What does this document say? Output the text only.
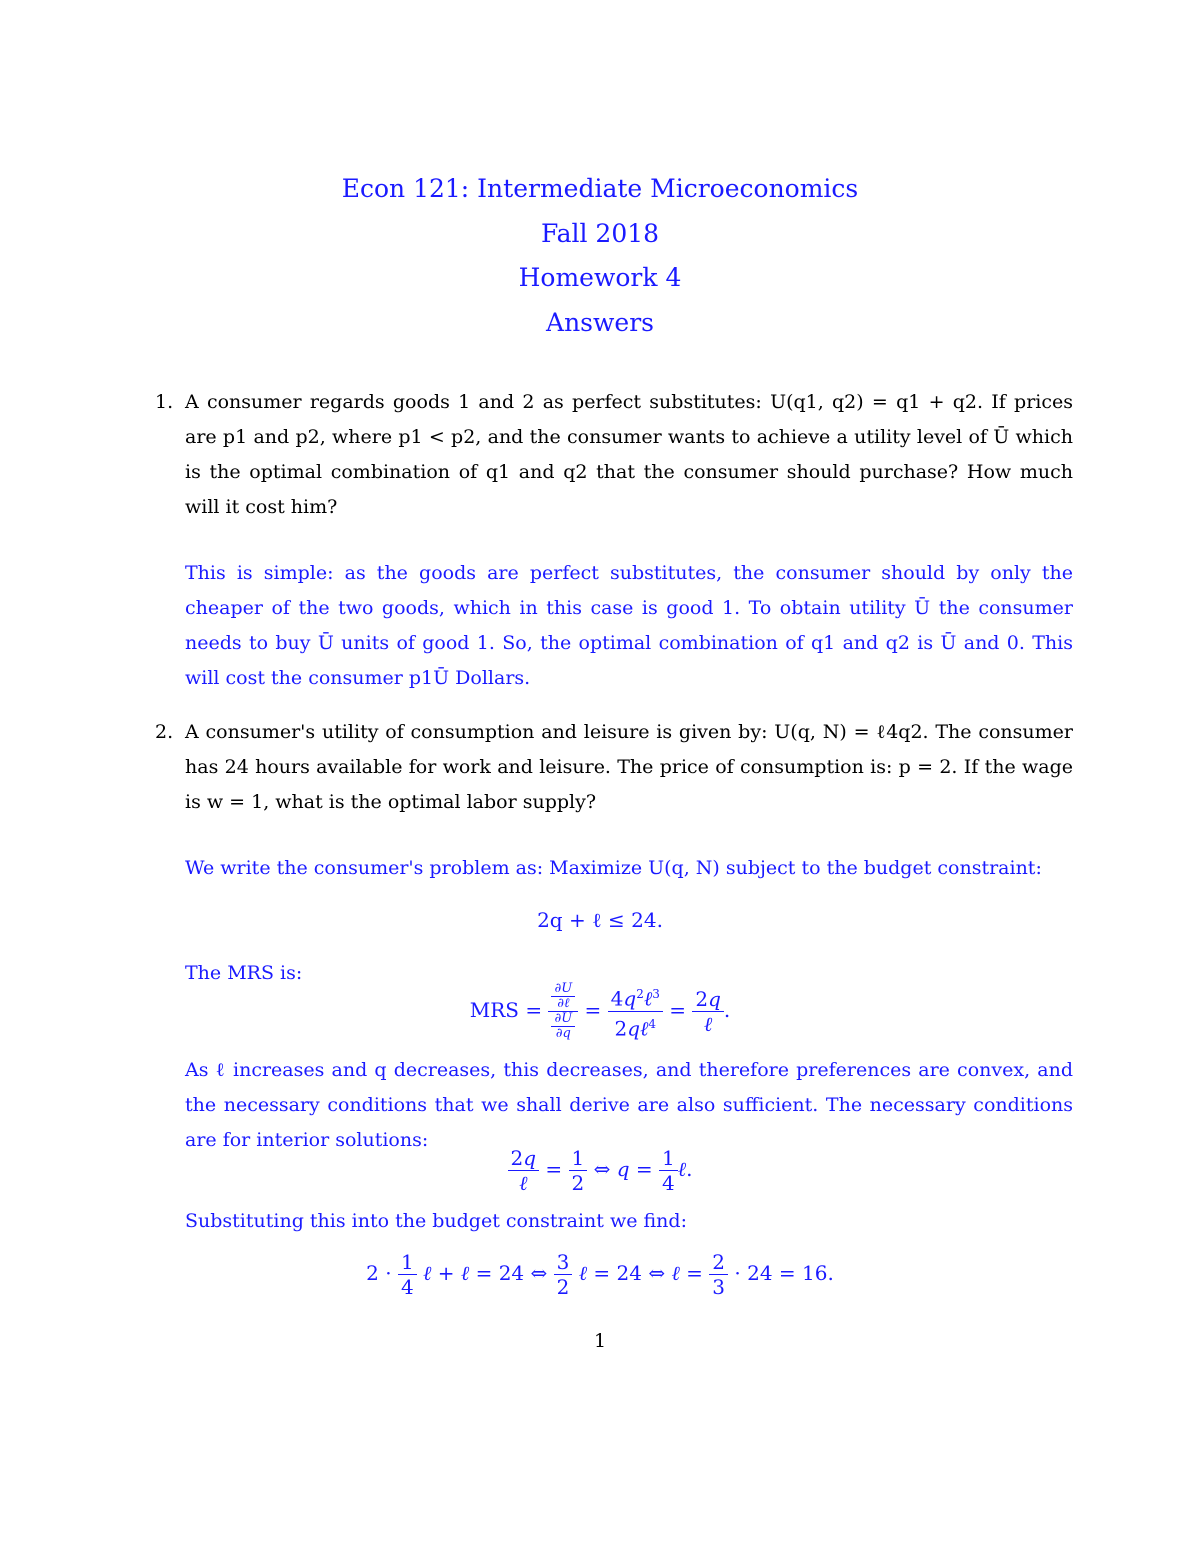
Econ 121: Intermediate Microeconomics
Fall 2018
Homework 4
Answers
1. A consumer regards goods 1 and 2 as perfect substitutes: U(q1, q2) = q1 + q2. If prices are p1 and p2, where p1 < p2, and the consumer wants to achieve a utility level of Ū which is the optimal combination of q1 and q2 that the consumer should purchase? How much will it cost him?
This is simple: as the goods are perfect substitutes, the consumer should by only the cheaper of the two goods, which in this case is good 1. To obtain utility Ū the consumer needs to buy Ū units of good 1. So, the optimal combination of q1 and q2 is Ū and 0. This will cost the consumer p1Ū Dollars.
2. A consumer's utility of consumption and leisure is given by: U(q, N) = ℓ4q2. The consumer has 24 hours available for work and leisure. The price of consumption is: p = 2. If the wage is w = 1, what is the optimal labor supply?
We write the consumer's problem as: Maximize U(q, N) subject to the budget constraint:
2q + ℓ ≤ 24.
The MRS is:
MRS = $\frac{\frac{\partial U}{\text{∂ℓ}}}{\frac{\partial U}{\partial q}} = \frac{4q^2\ell^3}{2q\ell^4} = \frac{2q}{\text{ℓ}}$ .
As ℓ increases and q decreases, this decreases, and therefore preferences are convex, and the necessary conditions that we shall derive are also sufficient. The necessary conditions are for interior solutions:
$\frac{2q}{\text{ℓ}} = \frac{1}{2}$ ⇔ $q = \frac{1}{4}$ ℓ.
Substituting this into the budget constraint we find:
$2 \cdot \frac{1}{4}$ ℓ + ℓ = 24 ⇔ $\frac{3}{2}$ ℓ = 24 ⇔ ℓ = $\frac{2}{3} \cdot 24 = 16$.
1
